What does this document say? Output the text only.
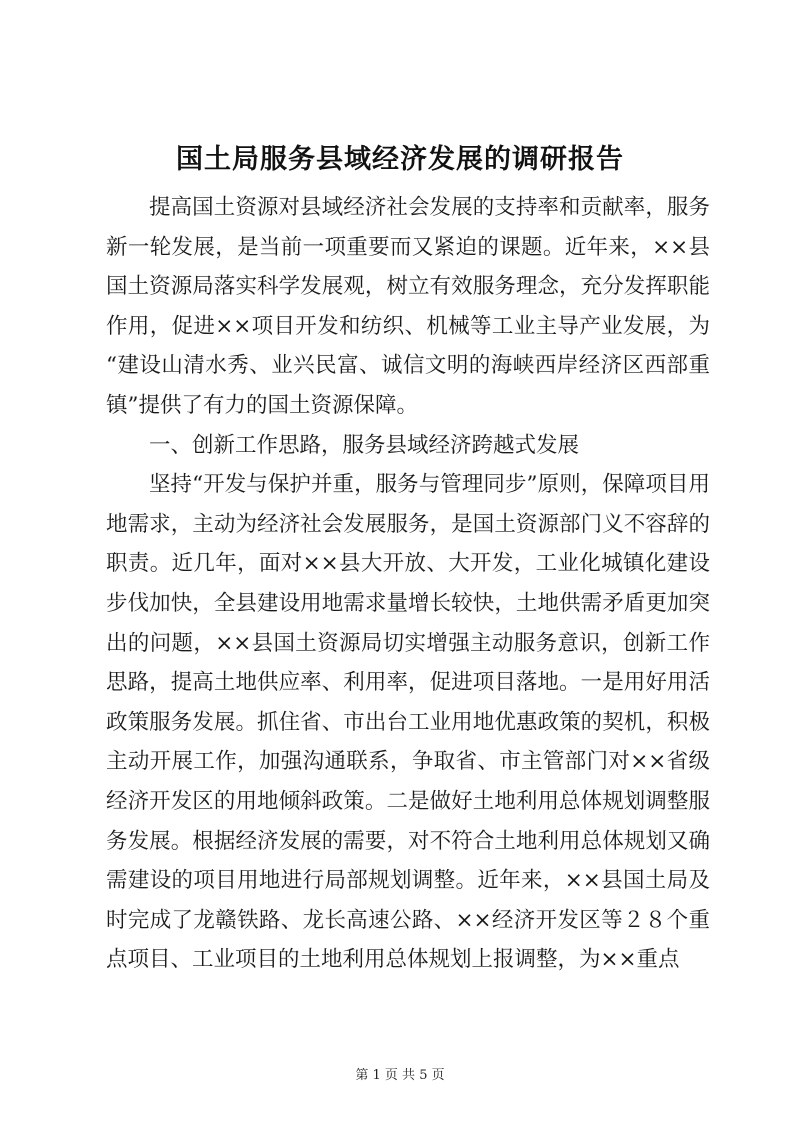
国土局服务县域经济发展的调研报告

提高国土资源对县域经济社会发展的支持率和贡献率，服务新一轮发展，是当前一项重要而又紧迫的课题。近年来，××县国土资源局落实科学发展观，树立有效服务理念，充分发挥职能作用，促进××项目开发和纺织、机械等工业主导产业发展，为“建设山清水秀、业兴民富、诚信文明的海峡西岸经济区西部重镇”提供了有力的国土资源保障。

一、创新工作思路，服务县域经济跨越式发展

坚持“开发与保护并重，服务与管理同步”原则，保障项目用地需求，主动为经济社会发展服务，是国土资源部门义不容辞的职责。近几年，面对××县大开放、大开发，工业化城镇化建设步伐加快，全县建设用地需求量增长较快，土地供需矛盾更加突出的问题，××县国土资源局切实增强主动服务意识，创新工作思路，提高土地供应率、利用率，促进项目落地。一是用好用活政策服务发展。抓住省、市出台工业用地优惠政策的契机，积极主动开展工作，加强沟通联系，争取省、市主管部门对××省级经济开发区的用地倾斜政策。二是做好土地利用总体规划调整服务发展。根据经济发展的需要，对不符合土地利用总体规划又确需建设的项目用地进行局部规划调整。近年来，××县国土局及时完成了龙赣铁路、龙长高速公路、××经济开发区等２８个重点项目、工业项目的土地利用总体规划上报调整，为××重点

第 1 页 共 5 页
